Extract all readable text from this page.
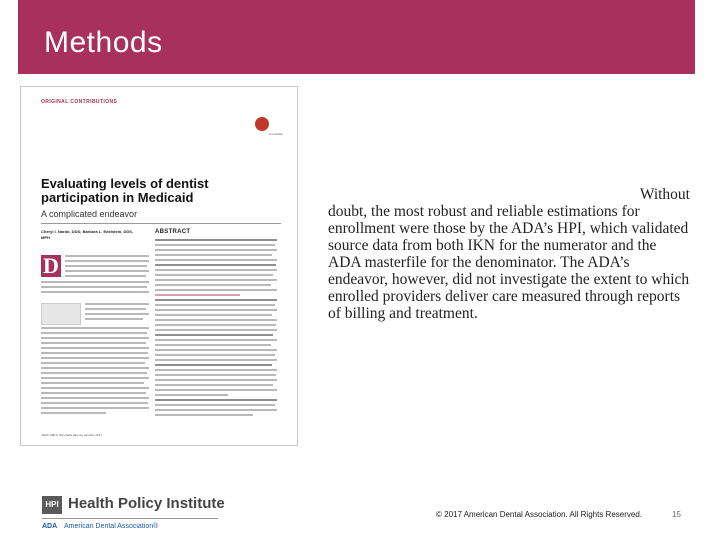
Methods
ORIGINAL CONTRIBUTIONS
CrossMark
Evaluating levels of dentist participation in Medicaid
A complicated endeavor
Cheryl I. Nardo, DDS; Barbara L. Edelstein, DDS, MPH
ABSTRACT
D
JADA 148(1) http://jada.ada.org January 2017

Without

doubt, the most robust and reliable estimations for enrollment were those by the ADA’s HPI, which validated source data from both IKN for the numerator and the ADA masterfile for the denominator. The ADA’s endeavor, however, did not investigate the extent to which enrolled providers deliver care measured through reports of billing and treatment.

HPI Health Policy Institute
ADA American Dental Association®
© 2017 American Dental Association. All Rights Reserved.	15
